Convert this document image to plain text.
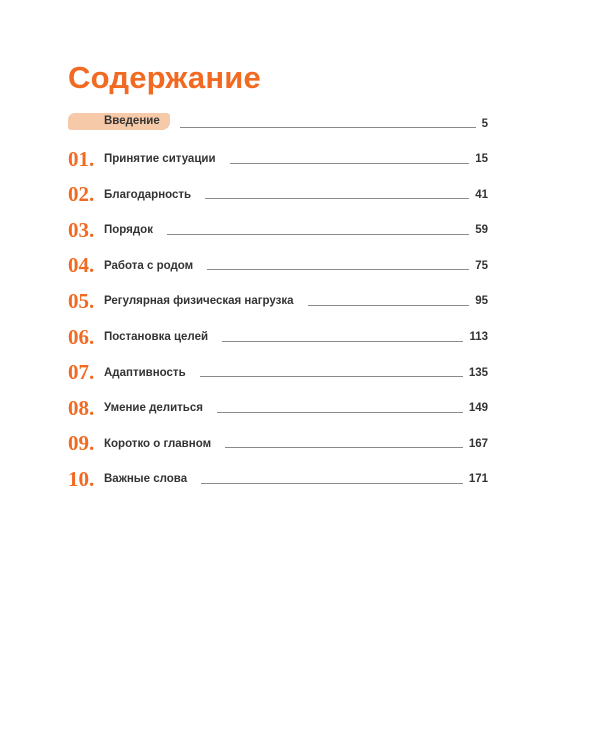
Содержание
Введение	5
01. Принятие ситуации	15
02. Благодарность	41
03. Порядок	59
04. Работа с родом	75
05. Регулярная физическая нагрузка	95
06. Постановка целей	113
07. Адаптивность	135
08. Умение делиться	149
09. Коротко о главном	167
10. Важные слова	171
